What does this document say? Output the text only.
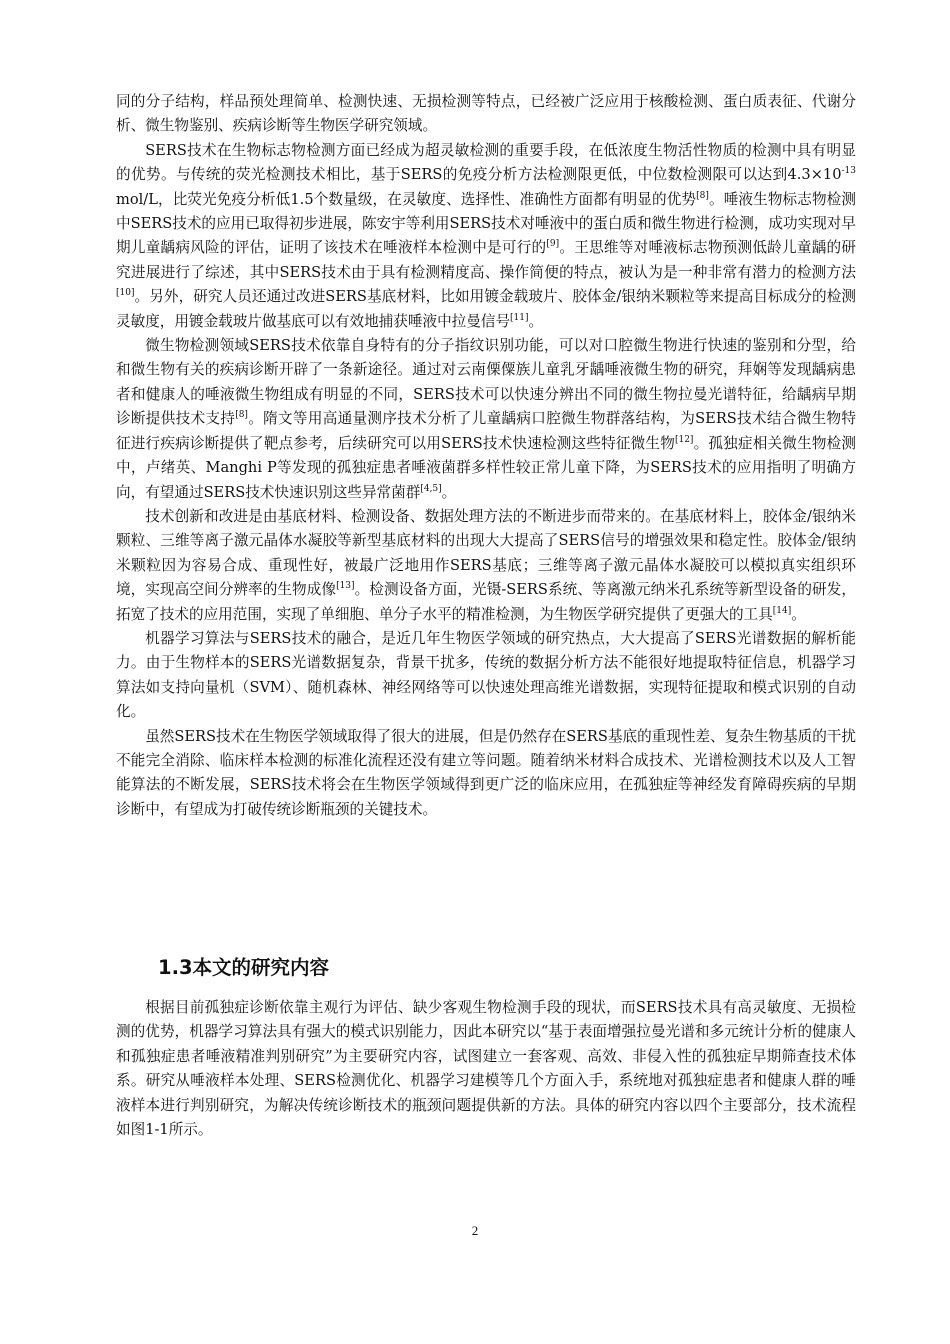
同的分子结构，样品预处理简单、检测快速、无损检测等特点，已经被广泛应用于核酸检测、蛋白质表征、代谢分析、微生物鉴别、疾病诊断等生物医学研究领域。

SERS技术在生物标志物检测方面已经成为超灵敏检测的重要手段，在低浓度生物活性物质的检测中具有明显的优势。与传统的荧光检测技术相比，基于SERS的免疫分析方法检测限更低，中位数检测限可以达到$4.3\times 10^{-13}$ mol/L，比荧光免疫分析低1.5个数量级，在灵敏度、选择性、准确性方面都有明显的优势[8]。唾液生物标志物检测中SERS技术的应用已取得初步进展，陈安宇等利用SERS技术对唾液中的蛋白质和微生物进行检测，成功实现对早期儿童龋病风险的评估，证明了该技术在唾液样本检测中是可行的[9]。王思维等对唾液标志物预测低龄儿童龋的研究进展进行了综述，其中SERS技术由于具有检测精度高、操作简便的特点，被认为是一种非常有潜力的检测方法[10]。另外，研究人员还通过改进SERS基底材料，比如用镀金载玻片、胶体金/银纳米颗粒等来提高目标成分的检测灵敏度，用镀金载玻片做基底可以有效地捕获唾液中拉曼信号[11]。

微生物检测领域SERS技术依靠自身特有的分子指纹识别功能，可以对口腔微生物进行快速的鉴别和分型，给和微生物有关的疾病诊断开辟了一条新途径。通过对云南傈僳族儿童乳牙龋唾液微生物的研究，拜娴等发现龋病患者和健康人的唾液微生物组成有明显的不同，SERS技术可以快速分辨出不同的微生物拉曼光谱特征，给龋病早期诊断提供技术支持[8]。隋文等用高通量测序技术分析了儿童龋病口腔微生物群落结构，为SERS技术结合微生物特征进行疾病诊断提供了靶点参考，后续研究可以用SERS技术快速检测这些特征微生物[12]。孤独症相关微生物检测中，卢绪英、Manghi P等发现的孤独症患者唾液菌群多样性较正常儿童下降，为SERS技术的应用指明了明确方向，有望通过SERS技术快速识别这些异常菌群[4,5]。

技术创新和改进是由基底材料、检测设备、数据处理方法的不断进步而带来的。在基底材料上，胶体金/银纳米颗粒、三维等离子激元晶体水凝胶等新型基底材料的出现大大提高了SERS信号的增强效果和稳定性。胶体金/银纳米颗粒因为容易合成、重现性好，被最广泛地用作SERS基底；三维等离子激元晶体水凝胶可以模拟真实组织环境，实现高空间分辨率的生物成像[13]。检测设备方面，光镊-SERS系统、等离激元纳米孔系统等新型设备的研发，拓宽了技术的应用范围，实现了单细胞、单分子水平的精准检测，为生物医学研究提供了更强大的工具[14]。

机器学习算法与SERS技术的融合，是近几年生物医学领域的研究热点，大大提高了SERS光谱数据的解析能力。由于生物样本的SERS光谱数据复杂，背景干扰多，传统的数据分析方法不能很好地提取特征信息，机器学习算法如支持向量机（SVM）、随机森林、神经网络等可以快速处理高维光谱数据，实现特征提取和模式识别的自动化。

虽然SERS技术在生物医学领域取得了很大的进展，但是仍然存在SERS基底的重现性差、复杂生物基质的干扰不能完全消除、临床样本检测的标准化流程还没有建立等问题。随着纳米材料合成技术、光谱检测技术以及人工智能算法的不断发展，SERS技术将会在生物医学领域得到更广泛的临床应用，在孤独症等神经发育障碍疾病的早期诊断中，有望成为打破传统诊断瓶颈的关键技术。

1.3本文的研究内容

根据目前孤独症诊断依靠主观行为评估、缺少客观生物检测手段的现状，而SERS技术具有高灵敏度、无损检测的优势，机器学习算法具有强大的模式识别能力，因此本研究以“基于表面增强拉曼光谱和多元统计分析的健康人和孤独症患者唾液精准判别研究”为主要研究内容，试图建立一套客观、高效、非侵入性的孤独症早期筛查技术体系。研究从唾液样本处理、SERS检测优化、机器学习建模等几个方面入手，系统地对孤独症患者和健康人群的唾液样本进行判别研究，为解决传统诊断技术的瓶颈问题提供新的方法。具体的研究内容以四个主要部分，技术流程如图1-1所示。

2
